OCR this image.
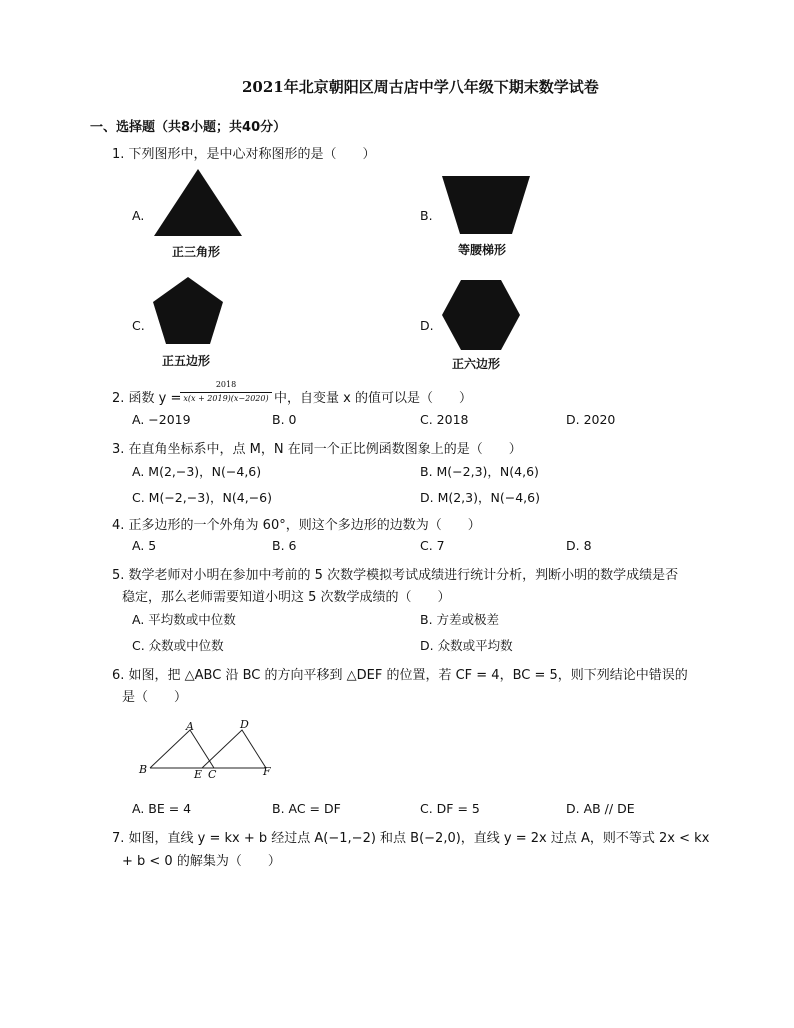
2021年北京朝阳区周古店中学八年级下期末数学试卷
一、选择题（共8小题；共40分）
1. 下列图形中，是中心对称图形的是（　　）
A.
正三角形
B.
等腰梯形
C.
正五边形
D.
正六边形
2. 函数 y =
2018
x(x + 2019)(x−2020) 中，自变量 x 的值可以是（　　）
A. −2019	B. 0	C. 2018	D. 2020
3. 在直角坐标系中，点 M，N 在同一个正比例函数图象上的是（　　）
A. M(2,−3)，N(−4,6)	B. M(−2,3)，N(4,6)
C. M(−2,−3)，N(4,−6)	D. M(2,3)，N(−4,6)
4. 正多边形的一个外角为 60°，则这个多边形的边数为（　　）
A. 5	B. 6	C. 7	D. 8
5. 数学老师对小明在参加中考前的 5 次数学模拟考试成绩进行统计分析，判断小明的数学成绩是否
稳定，那么老师需要知道小明这 5 次数学成绩的（　　）
A. 平均数或中位数	B. 方差或极差
C. 众数或中位数	D. 众数或平均数
6. 如图，把 △ABC 沿 BC 的方向平移到 △DEF 的位置，若 CF = 4，BC = 5，则下列结论中错误的
是（　　）
A	D
B	E C	F
A. BE = 4	B. AC = DF	C. DF = 5	D. AB // DE
7. 如图，直线 y = kx + b 经过点 A(−1,−2) 和点 B(−2,0)，直线 y = 2x 过点 A，则不等式 2x < kx
+ b < 0 的解集为（　　）
